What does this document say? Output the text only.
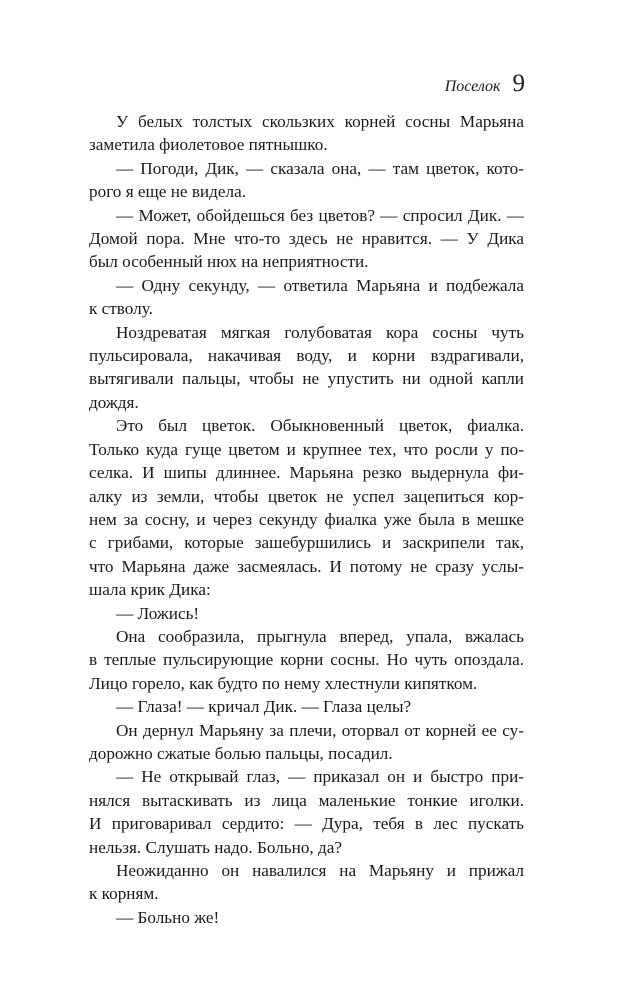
Поселок 9

У белых толстых скользких корней сосны Марьяна
заметила фиолетовое пятнышко.

— Погоди, Дик, — сказала она, — там цветок, кото-
рого я еще не видела.

— Может, обойдешься без цветов? — спросил Дик. —
Домой пора. Мне что-то здесь не нравится. — У Дика
был особенный нюх на неприятности.

— Одну секунду, — ответила Марьяна и подбежала
к стволу.

Ноздреватая мягкая голубоватая кора сосны чуть
пульсировала, накачивая воду, и корни вздрагивали,
вытягивали пальцы, чтобы не упустить ни одной капли
дождя.

Это был цветок. Обыкновенный цветок, фиалка.
Только куда гуще цветом и крупнее тех, что росли у по-
селка. И шипы длиннее. Марьяна резко выдернула фи-
алку из земли, чтобы цветок не успел зацепиться кор-
нем за сосну, и через секунду фиалка уже была в мешке
с грибами, которые зашебуршились и заскрипели так,
что Марьяна даже засмеялась. И потому не сразу услы-
шала крик Дика:

— Ложись!

Она сообразила, прыгнула вперед, упала, вжалась
в теплые пульсирующие корни сосны. Но чуть опоздала.
Лицо горело, как будто по нему хлестнули кипятком.

— Глаза! — кричал Дик. — Глаза целы?

Он дернул Марьяну за плечи, оторвал от корней ее су-
дорожно сжатые болью пальцы, посадил.

— Не открывай глаз, — приказал он и быстро при-
нялся вытаскивать из лица маленькие тонкие иголки.
И приговаривал сердито: — Дура, тебя в лес пускать
нельзя. Слушать надо. Больно, да?

Неожиданно он навалился на Марьяну и прижал
к корням.

— Больно же!
